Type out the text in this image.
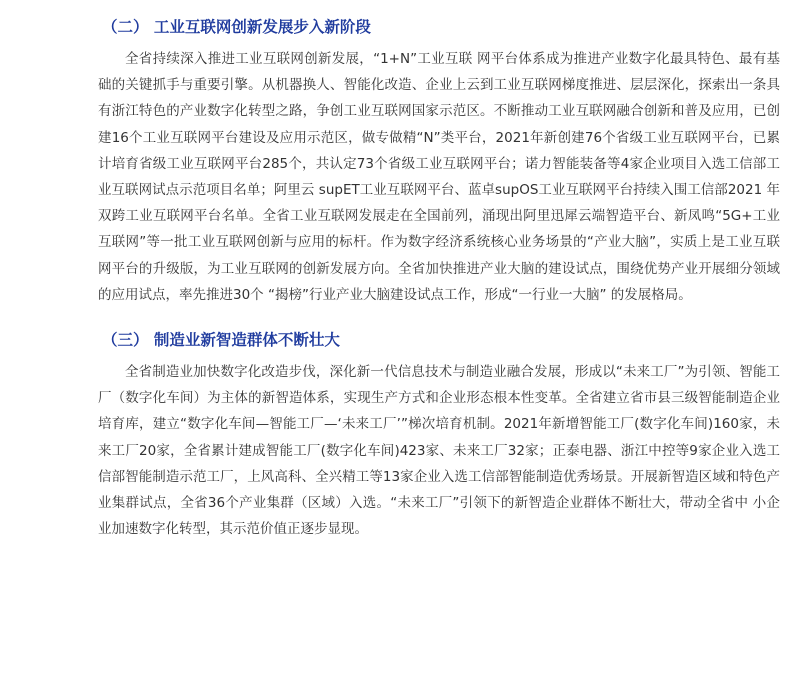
（二） 工业互联网创新发展步入新阶段

全省持续深入推进工业互联网创新发展，“1+N”工业互联 网平台体系成为推进产业数字化最具特色、最有基础的关键抓手与重要引擎。从机器换人、智能化改造、企业上云到工业互联网梯度推进、层层深化，探索出一条具有浙江特色的产业数字化转型之路，争创工业互联网国家示范区。不断推动工业互联网融合创新和普及应用，已创建16个工业互联网平台建设及应用示范区，做专做精“N”类平台，2021年新创建76个省级工业互联网平台，已累计培育省级工业互联网平台285个，共认定73个省级工业互联网平台；诺力智能装备等4家企业项目入选工信部工业互联网试点示范项目名单；阿里云 supET工业互联网平台、蓝卓supOS工业互联网平台持续入围工信部2021 年双跨工业互联网平台名单。全省工业互联网发展走在全国前列，涌现出阿里迅犀云端智造平台、新凤鸣“5G+工业互联网”等一批工业互联网创新与应用的标杆。作为数字经济系统核心业务场景的“产业大脑”，实质上是工业互联网平台的升级版，为工业互联网的创新发展方向。全省加快推进产业大脑的建设试点，围绕优势产业开展细分领域的应用试点，率先推进30个 “揭榜”行业产业大脑建设试点工作，形成“一行业一大脑” 的发展格局。

（三） 制造业新智造群体不断壮大

全省制造业加快数字化改造步伐，深化新一代信息技术与制造业融合发展，形成以“未来工厂”为引领、智能工厂（数字化车间）为主体的新智造体系，实现生产方式和企业形态根本性变革。全省建立省市县三级智能制造企业培育库，建立“数字化车间—智能工厂—‘未来工厂’”梯次培育机制。2021年新增智能工厂(数字化车间)160家，未来工厂20家，全省累计建成智能工厂(数字化车间)423家、未来工厂32家；正泰电器、浙江中控等9家企业入选工信部智能制造示范工厂，上风高科、全兴精工等13家企业入选工信部智能制造优秀场景。开展新智造区域和特色产业集群试点，全省36个产业集群（区域）入选。“未来工厂”引领下的新智造企业群体不断壮大，带动全省中 小企业加速数字化转型，其示范价值正逐步显现。
